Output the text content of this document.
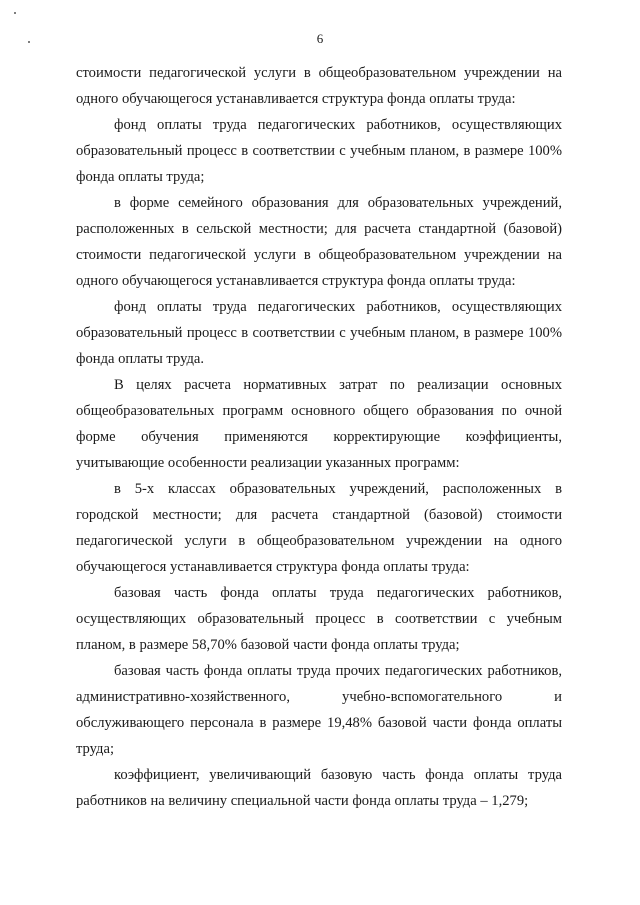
6

стоимости педагогической услуги в общеобразовательном учреждении на одного обучающегося устанавливается структура фонда оплаты труда:

фонд оплаты труда педагогических работников, осуществляющих образовательный процесс в соответствии с учебным планом, в размере 100% фонда оплаты труда;

в форме семейного образования для образовательных учреждений, расположенных в сельской местности; для расчета стандартной (базовой) стоимости педагогической услуги в общеобразовательном учреждении на одного обучающегося устанавливается структура фонда оплаты труда:

фонд оплаты труда педагогических работников, осуществляющих образовательный процесс в соответствии с учебным планом, в размере 100% фонда оплаты труда.

В целях расчета нормативных затрат по реализации основных общеобразовательных программ основного общего образования по очной форме обучения применяются корректирующие коэффициенты, учитывающие особенности реализации указанных программ:

в 5-х классах образовательных учреждений, расположенных в городской местности; для расчета стандартной (базовой) стоимости педагогической услуги в общеобразовательном учреждении на одного обучающегося устанавливается структура фонда оплаты труда:

базовая часть фонда оплаты труда педагогических работников, осуществляющих образовательный процесс в соответствии с учебным планом, в размере 58,70% базовой части фонда оплаты труда;

базовая часть фонда оплаты труда прочих педагогических работников, административно-хозяйственного, учебно-вспомогательного и обслуживающего персонала в размере 19,48% базовой части фонда оплаты труда;

коэффициент, увеличивающий базовую часть фонда оплаты труда работников на величину специальной части фонда оплаты труда – 1,279;
